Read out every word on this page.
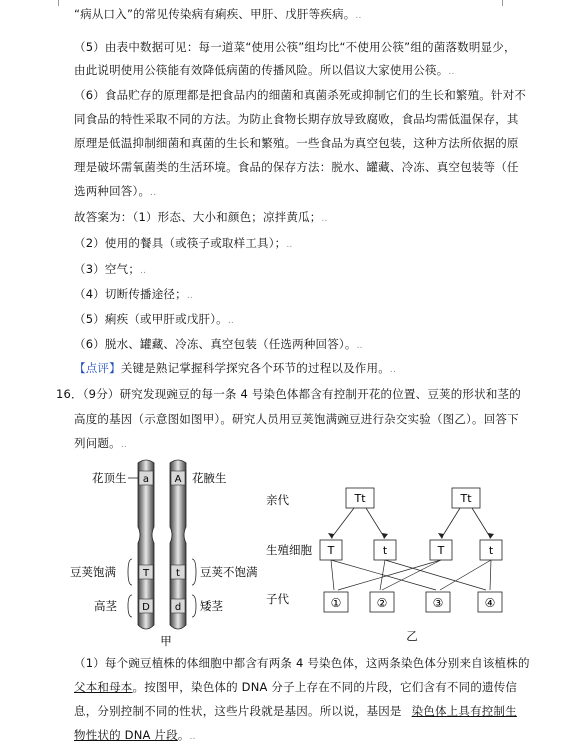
“病从口入”的常见传染病有痢疾、甲肝、戊肝等疾病。..
（5）由表中数据可见：每一道菜“使用公筷”组均比“不使用公筷”组的菌落数明显少，
由此说明使用公筷能有效降低病菌的传播风险。所以倡议大家使用公筷。..
（6）食品贮存的原理都是把食品内的细菌和真菌杀死或抑制它们的生长和繁殖。针对不
同食品的特性采取不同的方法。为防止食物长期存放导致腐败，食品均需低温保存，其
原理是低温抑制细菌和真菌的生长和繁殖。一些食品为真空包装，这种方法所依据的原
理是破坏需氧菌类的生活环境。食品的保存方法：脱水、罐藏、冷冻、真空包装等（任
选两种回答）。..
故答案为：（1）形态、大小和颜色；凉拌黄瓜；..
（2）使用的餐具（或筷子或取样工具）；..
（3）空气；..
（4）切断传播途径；..
（5）痢疾（或甲肝或戊肝）。..
（6）脱水、罐藏、冷冻、真空包装（任选两种回答）。..
【点评】关键是熟记掌握科学探究各个环节的过程以及作用。..
16．（9分）研究发现豌豆的每一条 4 号染色体都含有控制开花的位置、豆荚的形状和茎的
高度的基因（示意图如图甲）。研究人员用豆荚饱满豌豆进行杂交实验（图乙）。回答下
列问题。..
a	A
T	t
D d
花顶生	花腋生
豆荚饱满	豆荚不饱满
高茎	矮茎
甲
亲代
生殖细胞
子代
Tt	Tt
T	t	T	t
①	②	③	④
乙
（1）每个豌豆植株的体细胞中都含有两条 4 号染色体，这两条染色体分别来自该植株的
父本和母本。按图甲，染色体的 DNA 分子上存在不同的片段，它们含有不同的遗传信
息，分别控制不同的性状，这些片段就是基因。所以说，基因是 染色体上具有控制生
物性状的 DNA 片段。..
